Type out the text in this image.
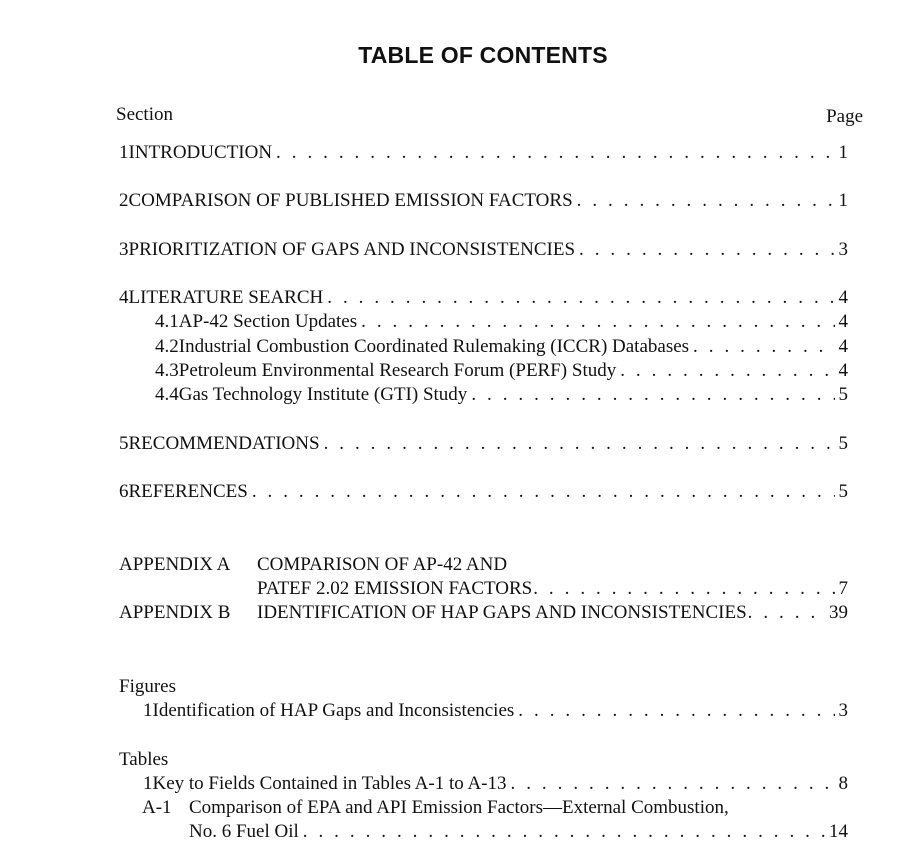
TABLE OF CONTENTS
Section	Page
1 INTRODUCTION . . .	1
2 COMPARISON OF PUBLISHED EMISSION FACTORS . . .	1
3 PRIORITIZATION OF GAPS AND INCONSISTENCIES . . .	3
4 LITERATURE SEARCH . . .	4
4.1 AP-42 Section Updates . . .	4
4.2 Industrial Combustion Coordinated Rulemaking (ICCR) Databases . . .	4
4.3 Petroleum Environmental Research Forum (PERF) Study . . .	4
4.4 Gas Technology Institute (GTI) Study . . .	5
5 RECOMMENDATIONS . . .	5
6 REFERENCES . . .	5
APPENDIX A COMPARISON OF AP-42 AND
PATEF 2.02 EMISSION FACTORS . . .	7
APPENDIX B IDENTIFICATION OF HAP GAPS AND INCONSISTENCIES . . .	39
Figures
1 Identification of HAP Gaps and Inconsistencies . . .	3
Tables
1 Key to Fields Contained in Tables A-1 to A-13 . . .	8
A-1 Comparison of EPA and API Emission Factors—External Combustion,
No. 6 Fuel Oil . . .	14
